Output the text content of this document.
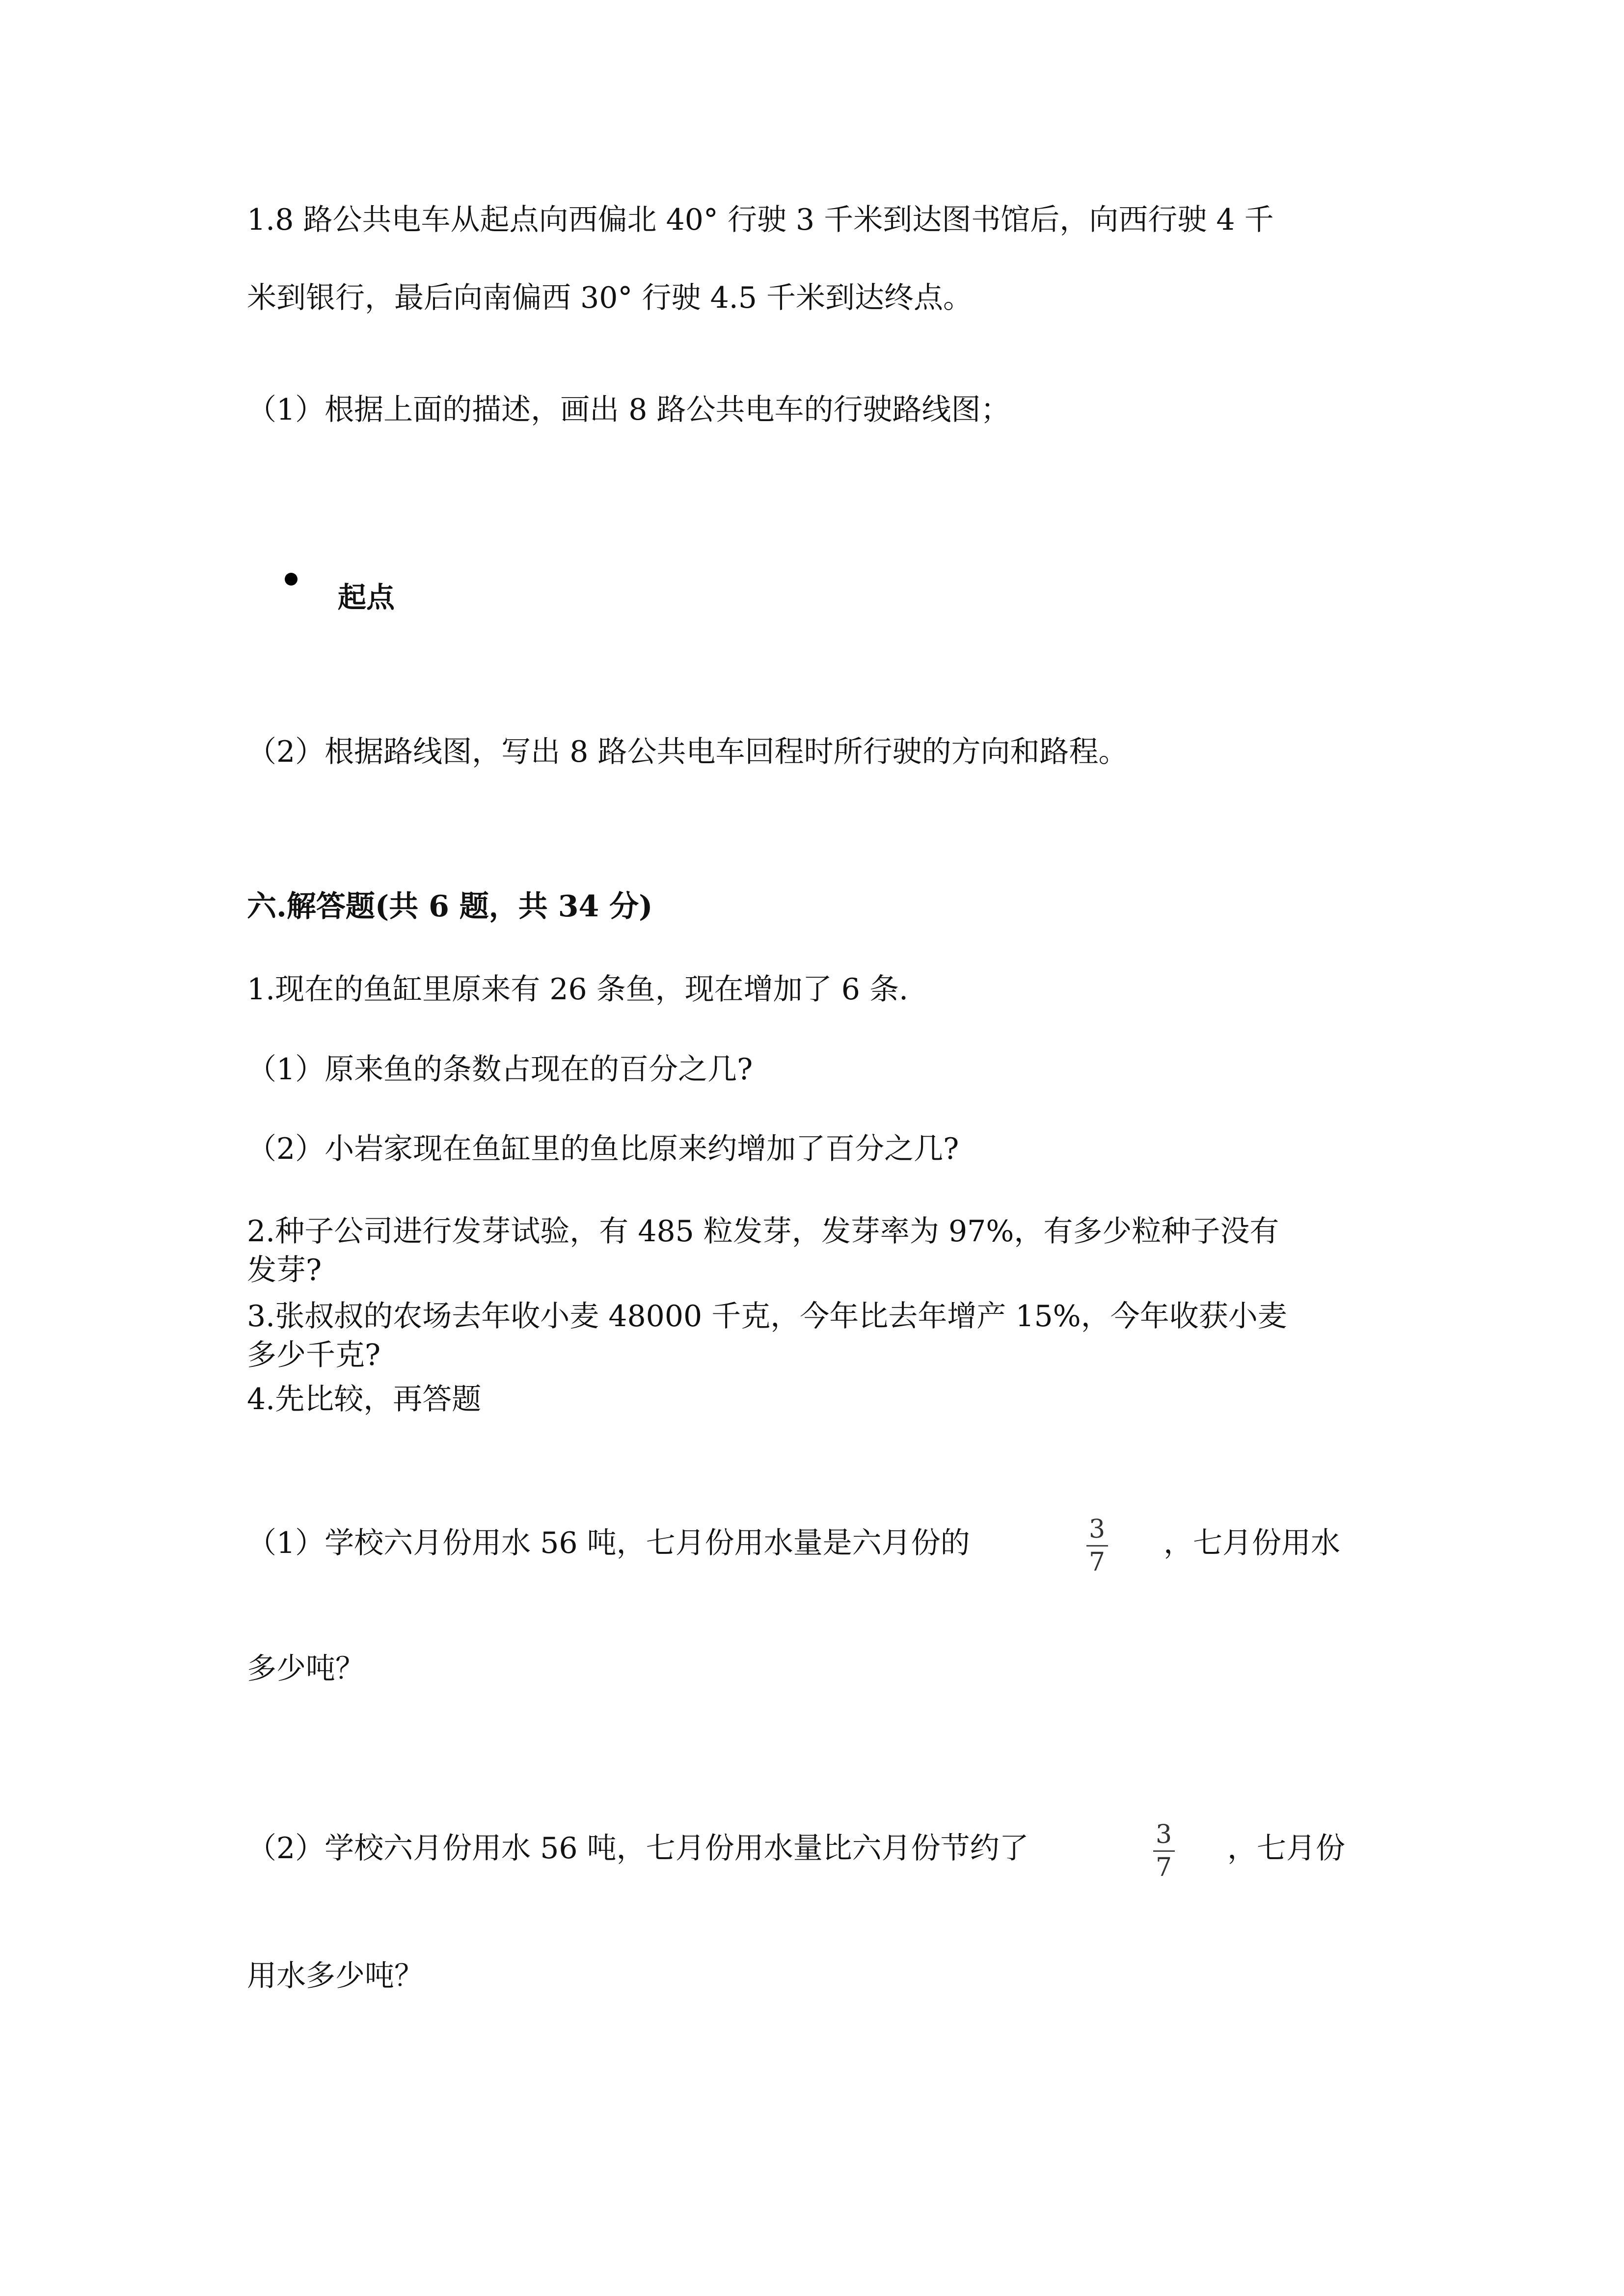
1.8 路公共电车从起点向西偏北 40° 行驶 3 千米到达图书馆后，向西行驶 4 千

米到银行，最后向南偏西 30° 行驶 4.5 千米到达终点。

（1）根据上面的描述，画出 8 路公共电车的行驶路线图；

起点

（2）根据路线图，写出 8 路公共电车回程时所行驶的方向和路程。

六.解答题(共 6 题，共 34 分)

1.现在的鱼缸里原来有 26 条鱼，现在增加了 6 条.

（1）原来鱼的条数占现在的百分之几?

（2）小岩家现在鱼缸里的鱼比原来约增加了百分之几?

2.种子公司进行发芽试验，有 485 粒发芽，发芽率为 97%，有多少粒种子没有

发芽?

3.张叔叔的农场去年收小麦 48000 千克，今年比去年增产 15%，今年收获小麦

多少千克?

4.先比较，再答题

（1）学校六月份用水 56 吨，七月份用水量是六月份的	3
7

，七月份用水

多少吨？

（2）学校六月份用水 56 吨，七月份用水量比六月份节约了	3
7

，七月份

用水多少吨？
